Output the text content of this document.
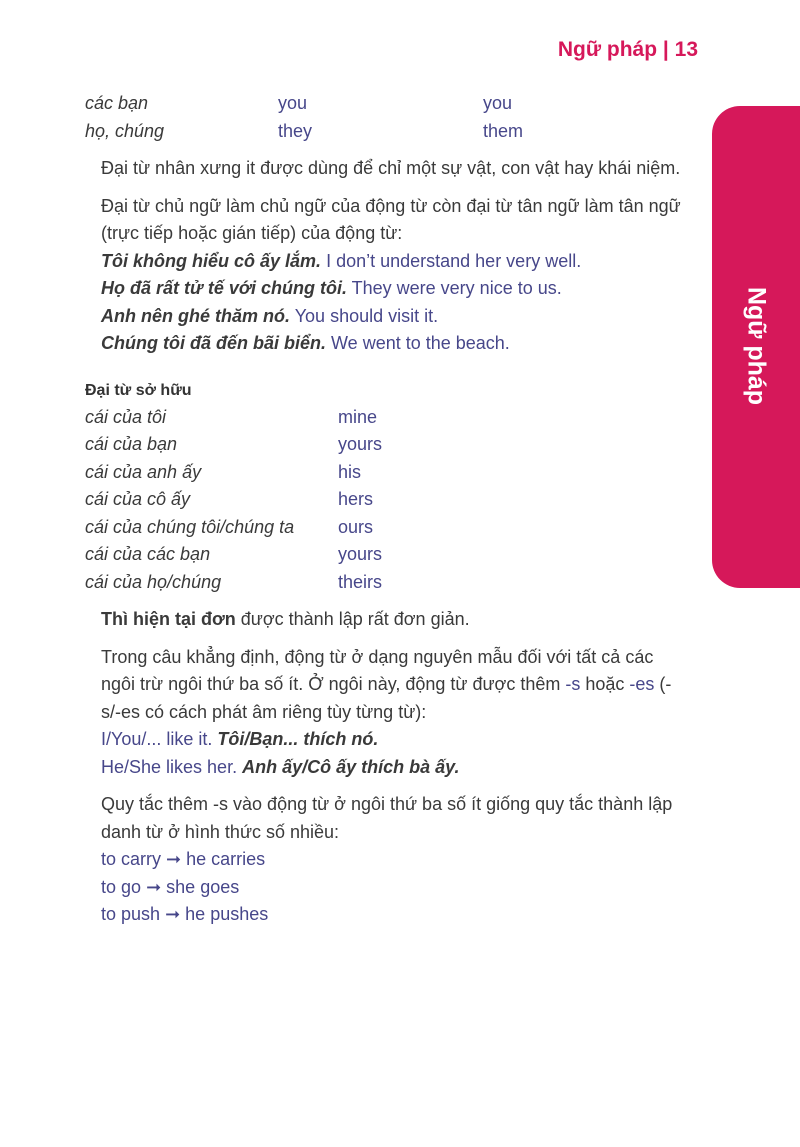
Ngữ pháp | 13
Ngữ pháp
các bạn	you	you
họ, chúng	they	them

Đại từ nhân xưng it được dùng để chỉ một sự vật, con vật hay khái niệm.

Đại từ chủ ngữ làm chủ ngữ của động từ còn đại từ tân ngữ làm tân ngữ (trực tiếp hoặc gián tiếp) của động từ:

Tôi không hiểu cô ấy lắm. I don’t understand her very well.
Họ đã rất tử tế với chúng tôi. They were very nice to us.
Anh nên ghé thăm nó. You should visit it.
Chúng tôi đã đến bãi biển. We went to the beach.
Đại từ sở hữu
cái của tôi	mine
cái của bạn	yours
cái của anh ấy	his
cái của cô ấy	hers
cái của chúng tôi/chúng ta	ours
cái của các bạn	yours
cái của họ/chúng	theirs

Thì hiện tại đơn được thành lập rất đơn giản.

Trong câu khẳng định, động từ ở dạng nguyên mẫu đối với tất cả các ngôi trừ ngôi thứ ba số ít. Ở ngôi này, động từ được thêm -s hoặc -es (-s/-es có cách phát âm riêng tùy từng từ):

I/You/... like it. Tôi/Bạn... thích nó.
He/She likes her. Anh ấy/Cô ấy thích bà ấy.

Quy tắc thêm -s vào động từ ở ngôi thứ ba số ít giống quy tắc thành lập danh từ ở hình thức số nhiều:

to carry ➞ he carries
to go ➞ she goes
to push ➞ he pushes
